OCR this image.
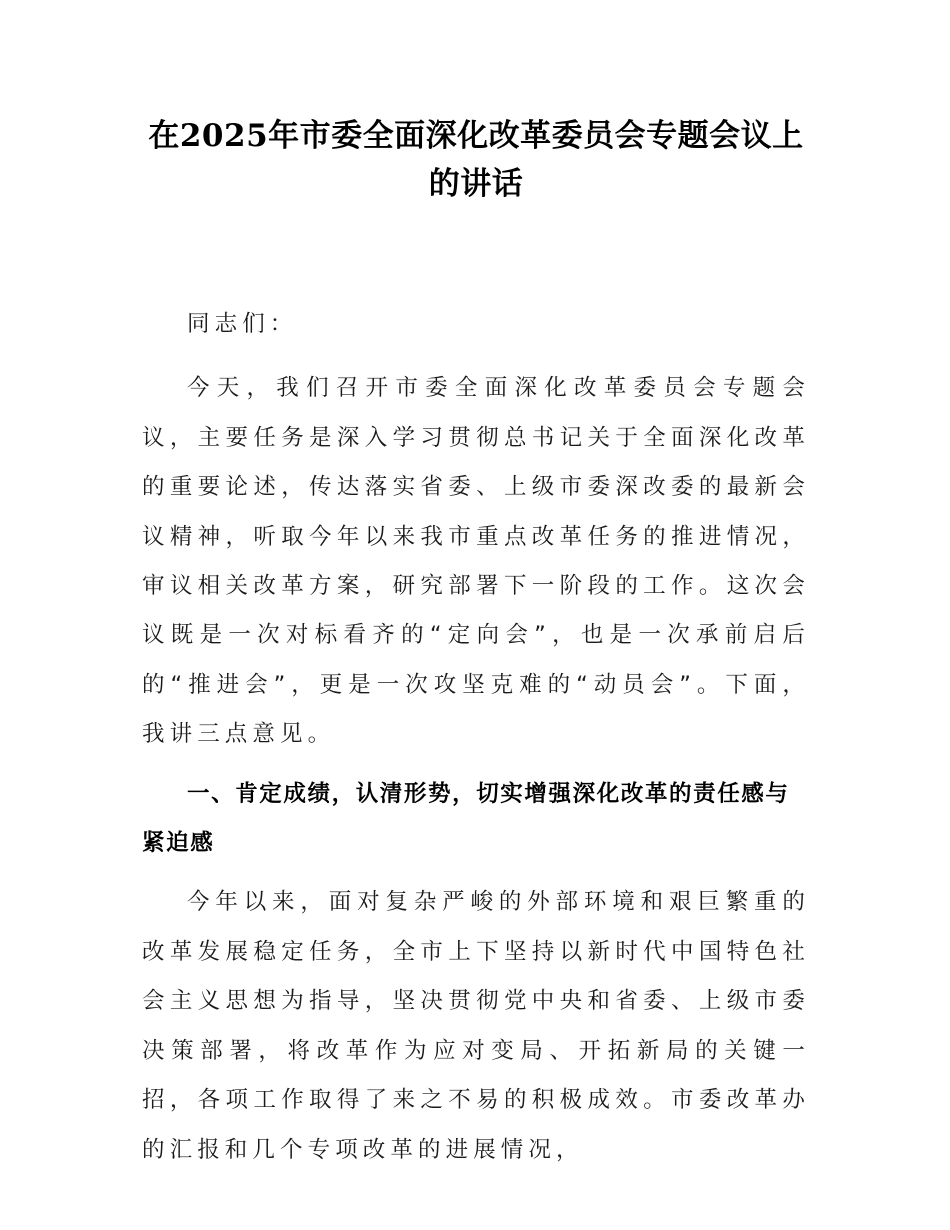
在2025年市委全面深化改革委员会专题会议上的讲话

同志们：

今天，我们召开市委全面深化改革委员会专题会议，主要任务是深入学习贯彻总书记关于全面深化改革的重要论述，传达落实省委、上级市委深改委的最新会议精神，听取今年以来我市重点改革任务的推进情况，审议相关改革方案，研究部署下一阶段的工作。这次会议既是一次对标看齐的“定向会”，也是一次承前启后的“推进会”，更是一次攻坚克难的“动员会”。下面，我讲三点意见。

一、肯定成绩，认清形势，切实增强深化改革的责任感与紧迫感

今年以来，面对复杂严峻的外部环境和艰巨繁重的改革发展稳定任务，全市上下坚持以新时代中国特色社会主义思想为指导，坚决贯彻党中央和省委、上级市委决策部署，将改革作为应对变局、开拓新局的关键一招，各项工作取得了来之不易的积极成效。市委改革办的汇报和几个专项改革的进展情况，
